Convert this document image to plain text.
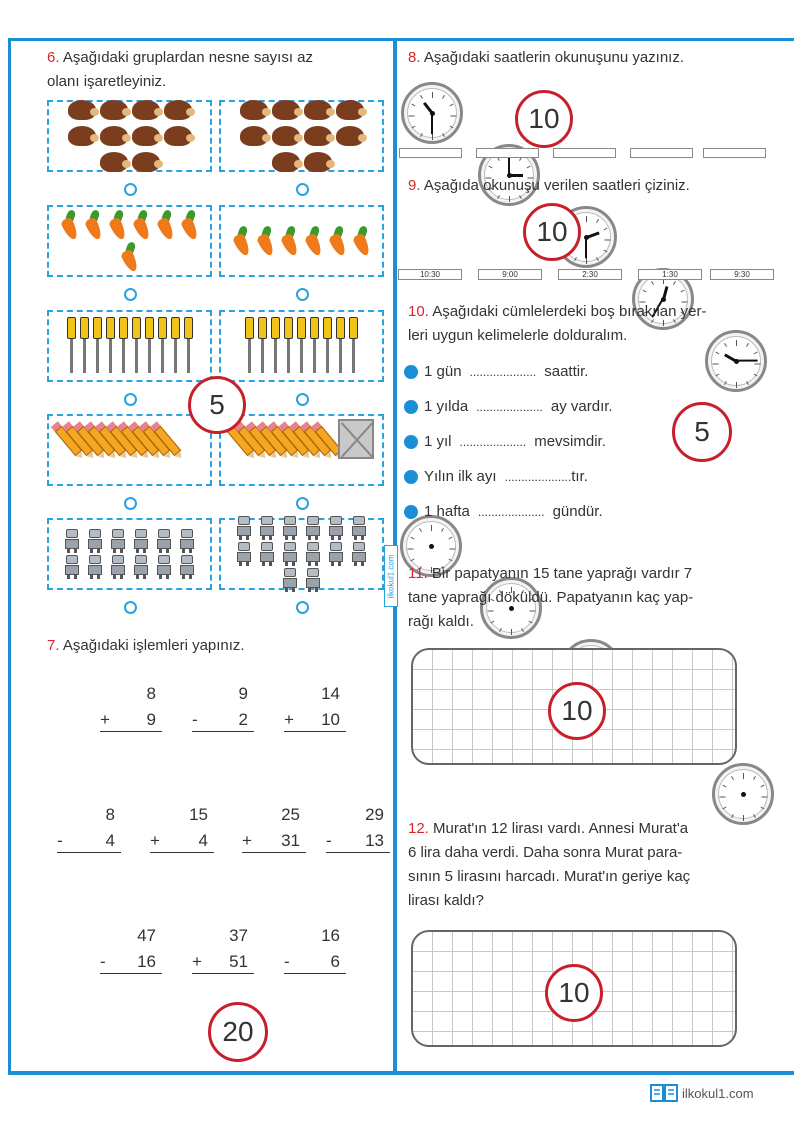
6. Aşağıdaki gruplardan nesne sayısı az
olanı işaretleyiniz.
5
ilkokul1.com
7. Aşağıdaki işlemleri yapınız.
8
+ 9
9
- 2
14
+ 10
8
-	4
15
+ 4
25
+ 31
29
- 13
47
- 16
37
+ 51
16
- 6
20
8. Aşağıdaki saatlerin okunuşunu yazınız.
10
9. Aşağıda okunuşu verilen saatleri çiziniz.
10:30	9:00	2:30	1:30	9:30
10
10. Aşağıdaki cümlelerdeki boş bırakılan yer-
leri uygun kelimelerle dolduralım.
1 gün .................... saattir.
1 yılda .................... ay vardır.
1 yıl .................... mevsimdir.
Yılın ilk ayı .................... tır.
1 hafta .................... gündür.
5
11. Bir papatyanın 15 tane yaprağı vardır 7
tane yaprağı döküldü. Papatyanın kaç yap-
rağı kaldı.
10
12. Murat'ın 12 lirası vardı. Annesi Murat'a
6 lira daha verdi. Daha sonra Murat para-
sının 5 lirasını harcadı. Murat'ın geriye kaç
lirası kaldı?
10
ilkokul1.com
